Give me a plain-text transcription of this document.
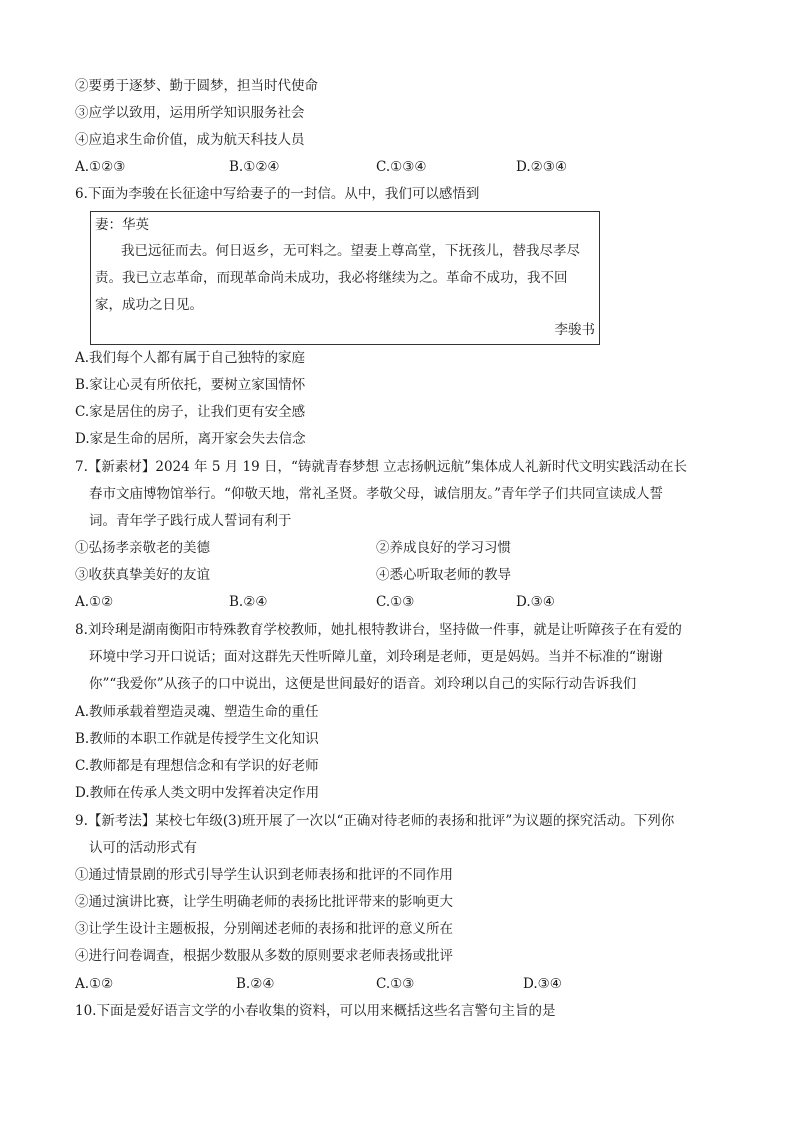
②要勇于逐梦、勤于圆梦，担当时代使命
③应学以致用，运用所学知识服务社会
④应追求生命价值，成为航天科技人员
A.①②③	B.①②④	C.①③④	D.②③④
6.下面为李骏在长征途中写给妻子的一封信。从中，我们可以感悟到
妻：华英
我已远征而去。何日返乡，无可料之。望妻上尊高堂，下抚孩儿，替我尽孝尽
责。我已立志革命，而现革命尚未成功，我必将继续为之。革命不成功，我不回
家，成功之日见。
李骏书
A.我们每个人都有属于自己独特的家庭
B.家让心灵有所依托，要树立家国情怀
C.家是居住的房子，让我们更有安全感
D.家是生命的居所，离开家会失去信念
7.【新素材】2024 年 5 月 19 日，“铸就青春梦想 立志扬帆远航”集体成人礼新时代文明实践活动在长
春市文庙博物馆举行。“仰敬天地，常礼圣贤。孝敬父母，诚信朋友。”青年学子们共同宣读成人誓
词。青年学子践行成人誓词有利于
①弘扬孝亲敬老的美德	②养成良好的学习习惯
③收获真挚美好的友谊	④悉心听取老师的教导
A.①②	B.②④	C.①③	D.③④
8.刘玲琍是湖南衡阳市特殊教育学校教师，她扎根特教讲台，坚持做一件事，就是让听障孩子在有爱的
环境中学习开口说话；面对这群先天性听障儿童，刘玲琍是老师，更是妈妈。当并不标准的“谢谢
你”“我爱你”从孩子的口中说出，这便是世间最好的语音。刘玲琍以自己的实际行动告诉我们
A.教师承载着塑造灵魂、塑造生命的重任
B.教师的本职工作就是传授学生文化知识
C.教师都是有理想信念和有学识的好老师
D.教师在传承人类文明中发挥着决定作用
9.【新考法】某校七年级(3)班开展了一次以“正确对待老师的表扬和批评”为议题的探究活动。下列你
认可的活动形式有
①通过情景剧的形式引导学生认识到老师表扬和批评的不同作用
②通过演讲比赛，让学生明确老师的表扬比批评带来的影响更大
③让学生设计主题板报，分别阐述老师的表扬和批评的意义所在
④进行问卷调查，根据少数服从多数的原则要求老师表扬或批评
A.①②	B.②④	C.①③	D.③④
10.下面是爱好语言文学的小春收集的资料，可以用来概括这些名言警句主旨的是
